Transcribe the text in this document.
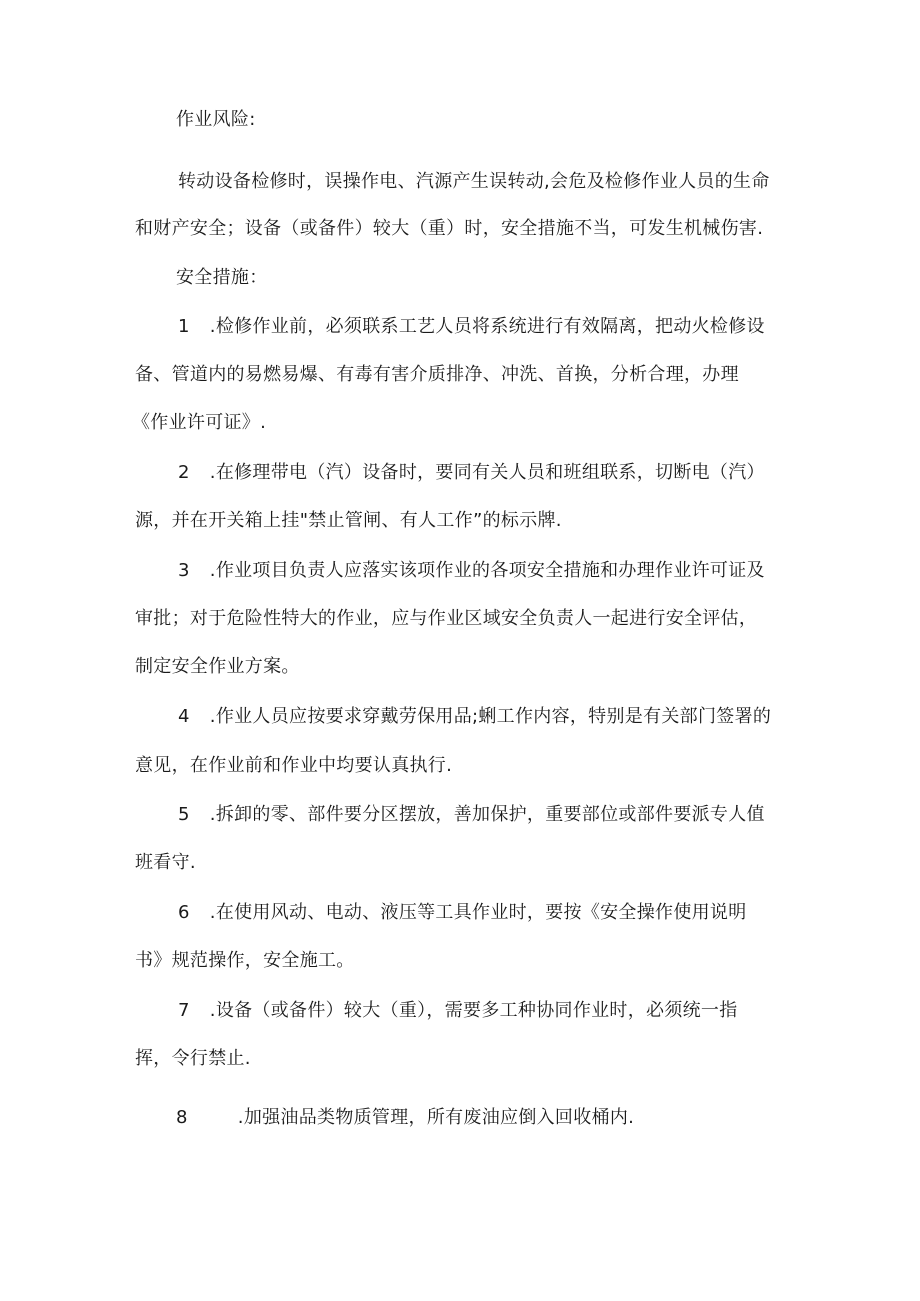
作业风险:
转动设备检修时，误操作电、汽源产生误转动,会危及检修作业人员的生命
和财产安全；设备（或备件）较大（重）时，安全措施不当，可发生机械伤害.
安全措施：
1 .检修作业前，必须联系工艺人员将系统进行有效隔离，把动火检修设
备、管道内的易燃易爆、有毒有害介质排净、冲洗、首换，分析合理，办理
《作业许可证》.
2 .在修理带电（汽）设备时，要同有关人员和班组联系，切断电（汽）
源，并在开关箱上挂"禁止管闸、有人工作”的标示牌.
3 .作业项目负责人应落实该项作业的各项安全措施和办理作业许可证及
审批；对于危险性特大的作业，应与作业区域安全负责人一起进行安全评估，
制定安全作业方案。
4 .作业人员应按要求穿戴劳保用品;蜊工作内容，特别是有关部门签署的
意见，在作业前和作业中均要认真执行.
5 .拆卸的零、部件要分区摆放，善加保护，重要部位或部件要派专人值
班看守.
6 .在使用风动、电动、液压等工具作业时，要按《安全操作使用说明
书》规范操作，安全施工。
7 .设备（或备件）较大（重），需要多工种协同作业时，必须统一指
挥，令行禁止.
8	.加强油品类物质管理，所有废油应倒入回收桶内.
